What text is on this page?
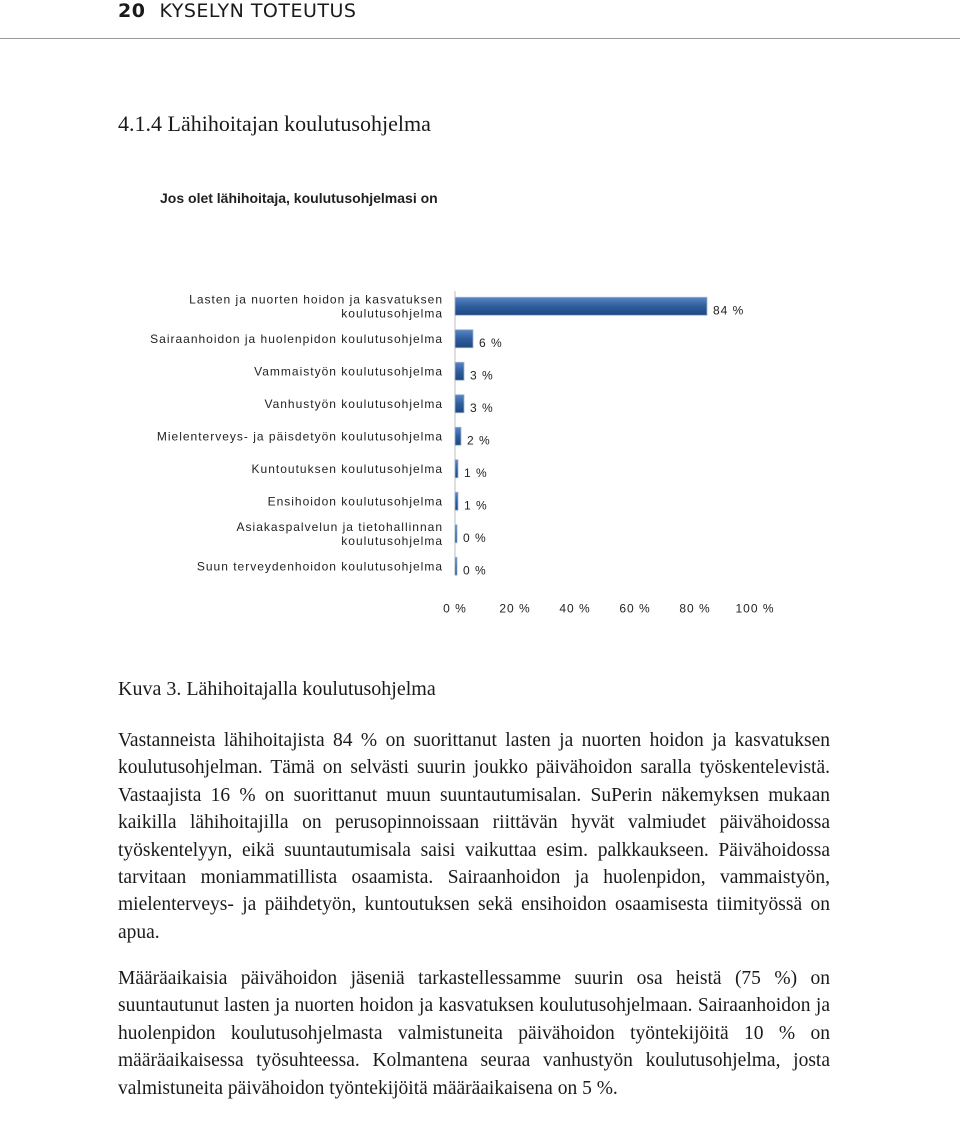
20 KYSELYN TOTEUTUS
4.1.4 Lähihoitajan koulutusohjelma
Jos olet lähihoitaja, koulutusohjelmasi on
Lasten ja nuorten hoidon ja kasvatuksen koulutusohjelma	84 %
Sairaanhoidon ja huolenpidon koulutusohjelma	6 %
Vammaistyön koulutusohjelma 3 %
Vanhustyön koulutusohjelma 3 %
Mielenterveys- ja päisdetyön koulutusohjelma 2 %
Kuntoutuksen koulutusohjelma 1 %
Ensihoidon koulutusohjelma 1 %
Asiakaspalvelun ja tietohallinnan koulutusohjelma 0 %
Suun terveydenhoidon koulutusohjelma 0 %
0 %	20 % 40 % 60 % 80 % 100 %
Kuva 3. Lähihoitajalla koulutusohjelma

Vastanneista lähihoitajista 84 % on suorittanut lasten ja nuorten hoidon ja kasvatuksen koulutusohjelman. Tämä on selvästi suurin joukko päivähoidon saralla työskentelevistä. Vastaajista 16 % on suorittanut muun suuntautumisalan. SuPerin näkemyksen mukaan kaikilla lähihoitajilla on perusopinnoissaan riittävän hyvät valmiudet päivähoidossa työskentelyyn, eikä suuntautumisala saisi vaikuttaa esim. palkkaukseen. Päivähoidossa tarvitaan moniammatillista osaamista. Sairaanhoidon ja huolenpidon, vammaistyön, mielenterveys- ja päihdetyön, kuntoutuksen sekä ensihoidon osaamisesta tiimityössä on apua.

Määräaikaisia päivähoidon jäseniä tarkastellessamme suurin osa heistä (75 %) on suuntautunut lasten ja nuorten hoidon ja kasvatuksen koulutusohjelmaan. Sairaanhoidon ja huolenpidon koulutusohjelmasta valmistuneita päivähoidon työntekijöitä 10 % on määräaikaisessa työsuhteessa. Kolmantena seuraa vanhustyön koulutusohjelma, josta valmistuneita päivähoidon työntekijöitä määräaikaisena on 5 %.
